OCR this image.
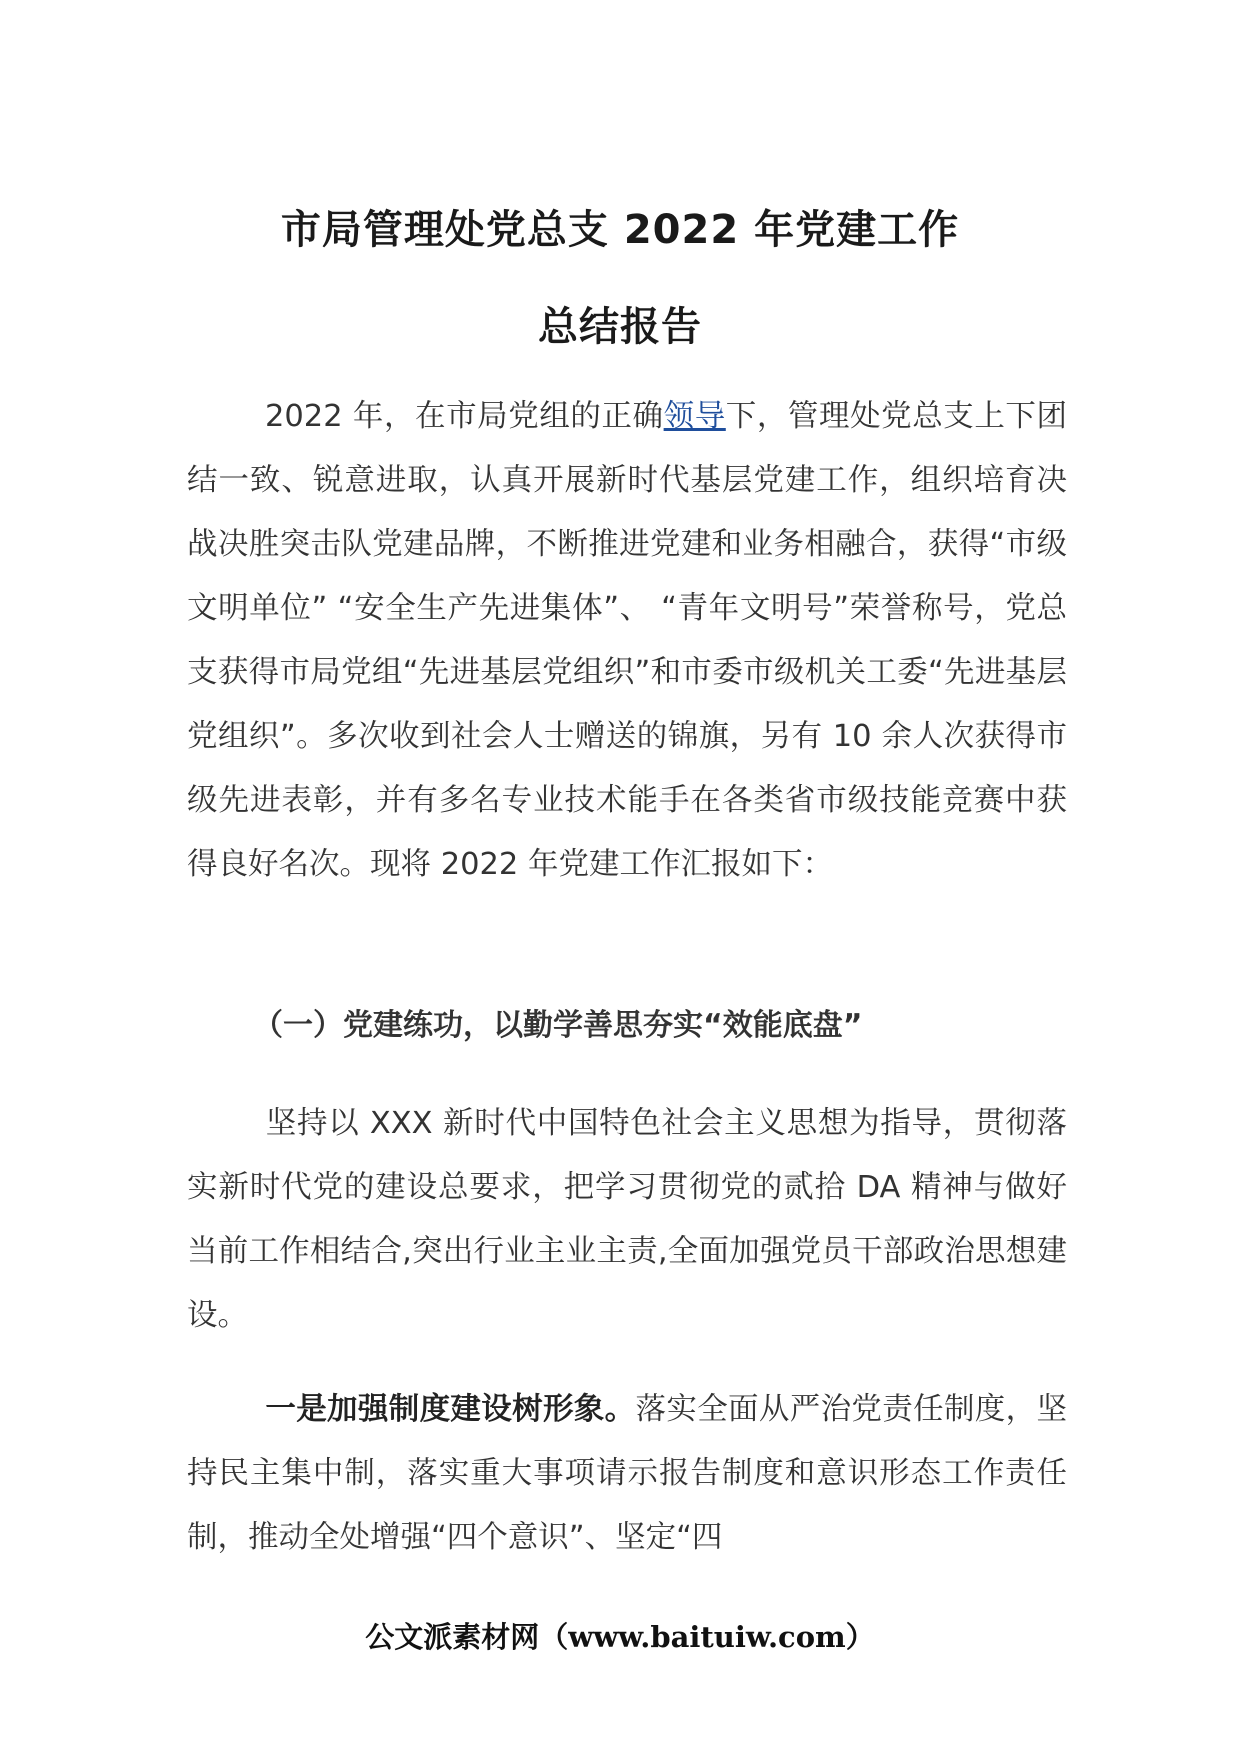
市局管理处党总支 2022 年党建工作
总结报告

2022 年，在市局党组的正确领导下，管理处党总支上下团结一致、锐意进取，认真开展新时代基层党建工作，组织培育决战决胜突击队党建品牌，不断推进党建和业务相融合，获得“市级文明单位” “安全生产先进集体”、 “青年文明号”荣誉称号，党总支获得市局党组“先进基层党组织”和市委市级机关工委“先进基层党组织”。多次收到社会人士赠送的锦旗，另有 10 余人次获得市级先进表彰，并有多名专业技术能手在各类省市级技能竞赛中获得良好名次。现将 2022 年党建工作汇报如下：

（一）党建练功，以勤学善思夯实“效能底盘”

坚持以 XXX 新时代中国特色社会主义思想为指导，贯彻落实新时代党的建设总要求，把学习贯彻党的贰拾 DA 精神与做好当前工作相结合,突出行业主业主责,全面加强党员干部政治思想建设。

一是加强制度建设树形象。落实全面从严治党责任制度，坚持民主集中制，落实重大事项请示报告制度和意识形态工作责任制，推动全处增强“四个意识”、坚定“四

公文派素材网（www.baituiw.com）
